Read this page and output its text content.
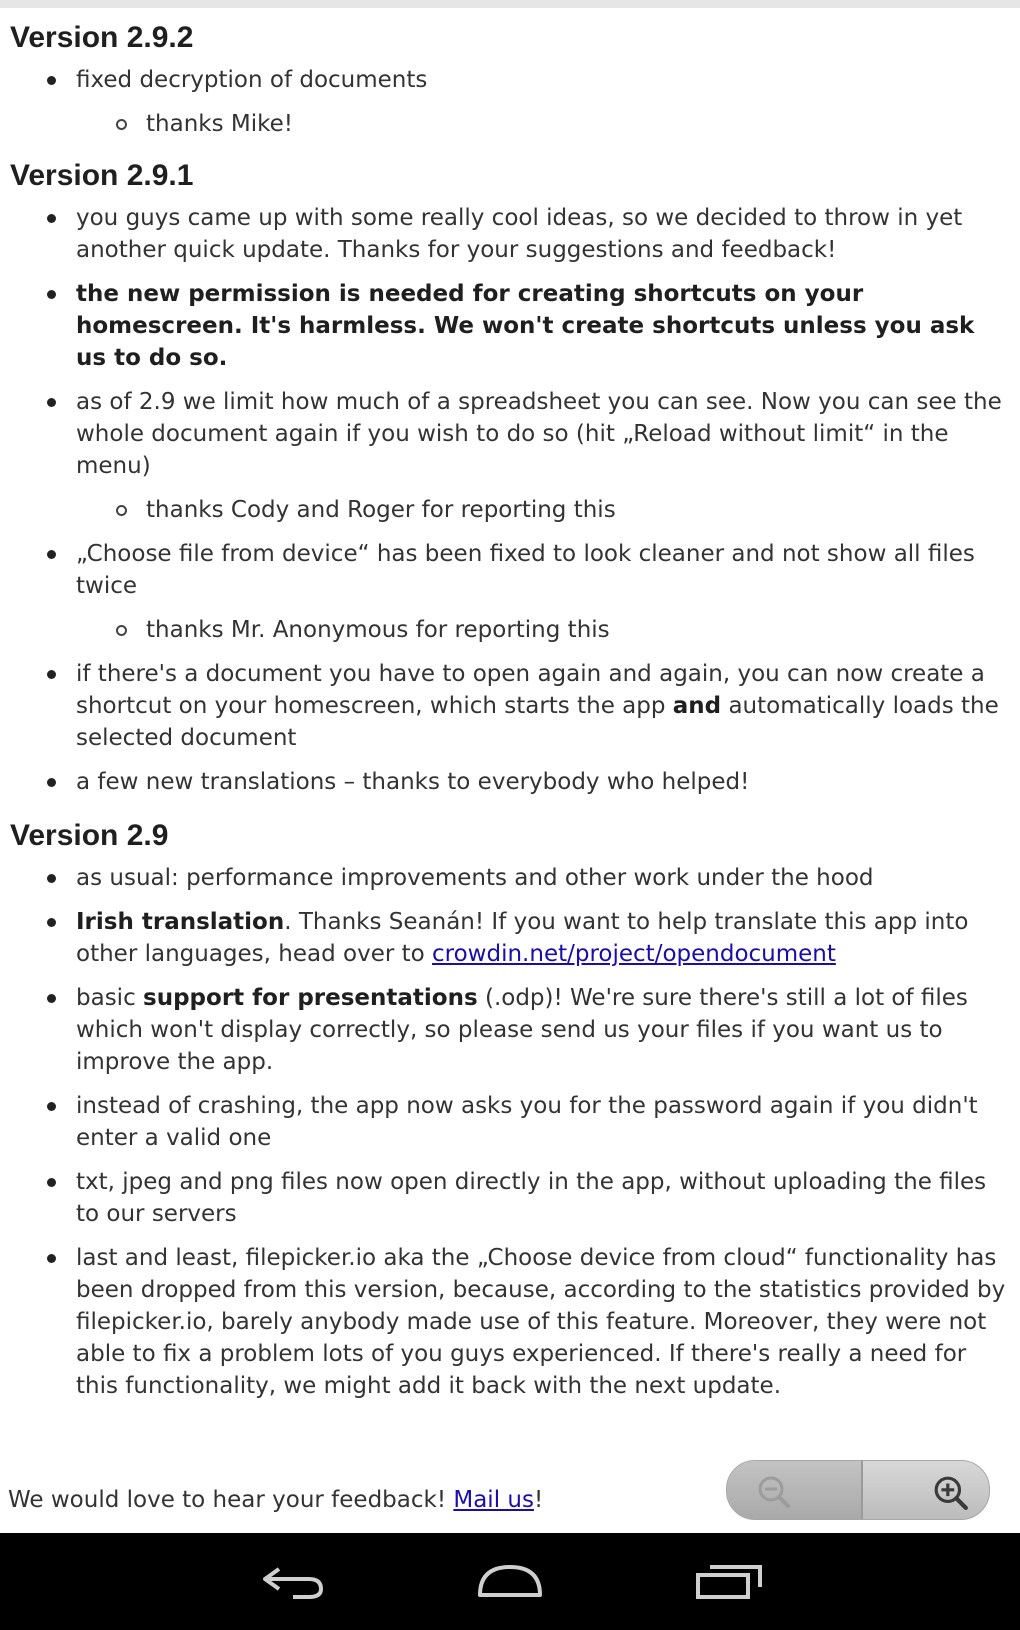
Version 2.9.2
fixed decryption of documents
thanks Mike!
Version 2.9.1
you guys came up with some really cool ideas, so we decided to throw in yet another quick update. Thanks for your suggestions and feedback!
the new permission is needed for creating shortcuts on your homescreen. It's harmless. We won't create shortcuts unless you ask us to do so.
as of 2.9 we limit how much of a spreadsheet you can see. Now you can see the whole document again if you wish to do so (hit „Reload without limit“ in the menu)
thanks Cody and Roger for reporting this
„Choose file from device“ has been fixed to look cleaner and not show all files twice
thanks Mr. Anonymous for reporting this
if there's a document you have to open again and again, you can now create a shortcut on your homescreen, which starts the app and automatically loads the selected document
a few new translations – thanks to everybody who helped!
Version 2.9
as usual: performance improvements and other work under the hood
Irish translation. Thanks Seanán! If you want to help translate this app into other languages, head over to crowdin.net/project/opendocument
basic support for presentations (.odp)! We're sure there's still a lot of files which won't display correctly, so please send us your files if you want us to improve the app.
instead of crashing, the app now asks you for the password again if you didn't enter a valid one
txt, jpeg and png files now open directly in the app, without uploading the files to our servers
last and least, filepicker.io aka the „Choose device from cloud“ functionality has been dropped from this version, because, according to the statistics provided by filepicker.io, barely anybody made use of this feature. Moreover, they were not able to fix a problem lots of you guys experienced. If there's really a need for this functionality, we might add it back with the next update.
We would love to hear your feedback! Mail us!
